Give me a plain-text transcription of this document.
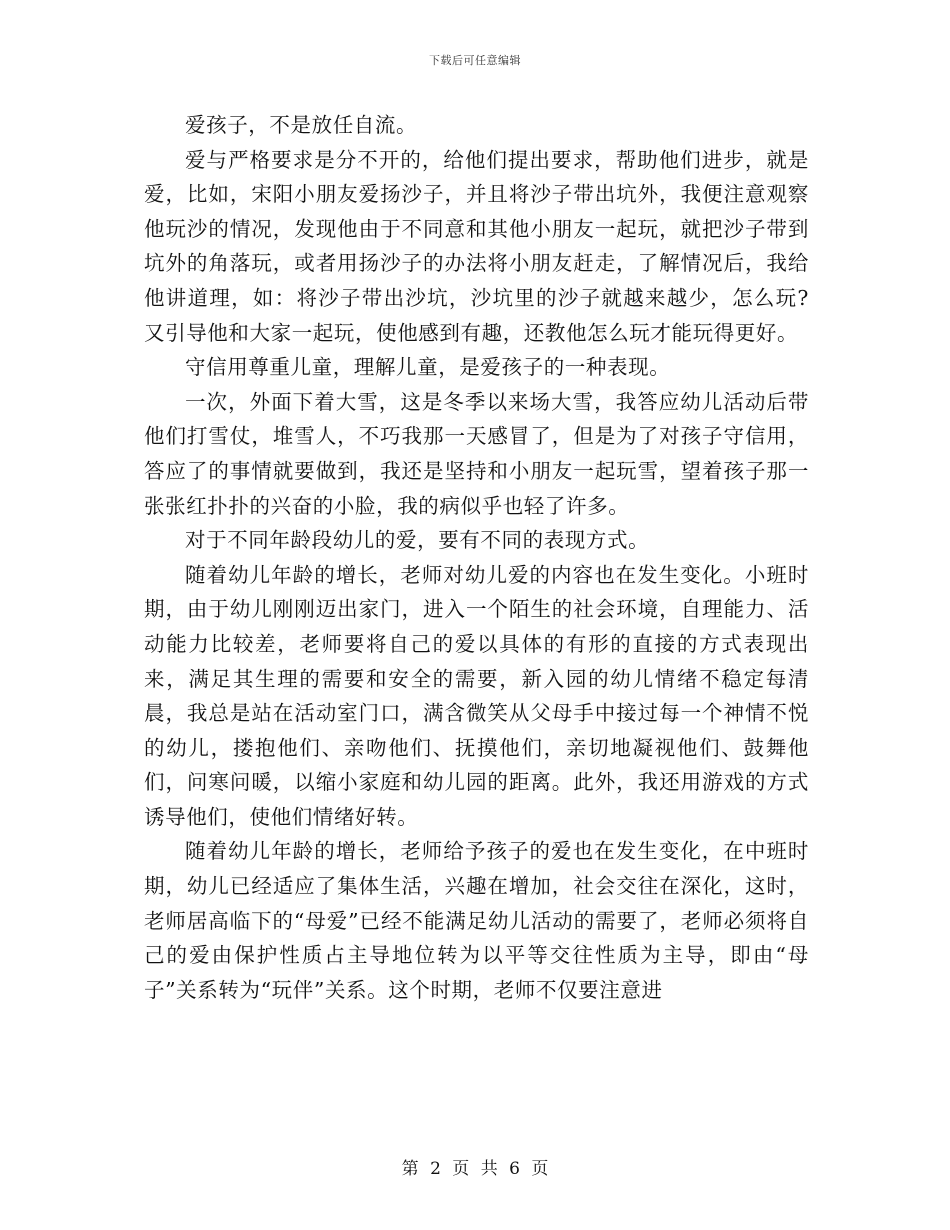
下载后可任意编辑

爱孩子，不是放任自流。

爱与严格要求是分不开的，给他们提出要求，帮助他们进步，就是爱，比如，宋阳小朋友爱扬沙子，并且将沙子带出坑外，我便注意观察他玩沙的情况，发现他由于不同意和其他小朋友一起玩，就把沙子带到坑外的角落玩，或者用扬沙子的办法将小朋友赶走，了解情况后，我给他讲道理，如：将沙子带出沙坑，沙坑里的沙子就越来越少，怎么玩?又引导他和大家一起玩，使他感到有趣，还教他怎么玩才能玩得更好。

守信用尊重儿童，理解儿童，是爱孩子的一种表现。

一次，外面下着大雪，这是冬季以来场大雪，我答应幼儿活动后带他们打雪仗，堆雪人，不巧我那一天感冒了，但是为了对孩子守信用，答应了的事情就要做到，我还是坚持和小朋友一起玩雪，望着孩子那一张张红扑扑的兴奋的小脸，我的病似乎也轻了许多。

对于不同年龄段幼儿的爱，要有不同的表现方式。

随着幼儿年龄的增长，老师对幼儿爱的内容也在发生变化。小班时期，由于幼儿刚刚迈出家门，进入一个陌生的社会环境，自理能力、活动能力比较差，老师要将自己的爱以具体的有形的直接的方式表现出来，满足其生理的需要和安全的需要，新入园的幼儿情绪不稳定每清晨，我总是站在活动室门口，满含微笑从父母手中接过每一个神情不悦的幼儿，搂抱他们、亲吻他们、抚摸他们，亲切地凝视他们、鼓舞他们，问寒问暖，以缩小家庭和幼儿园的距离。此外，我还用游戏的方式诱导他们，使他们情绪好转。

随着幼儿年龄的增长，老师给予孩子的爱也在发生变化，在中班时期，幼儿已经适应了集体生活，兴趣在增加，社会交往在深化，这时，老师居高临下的“母爱”已经不能满足幼儿活动的需要了，老师必须将自己的爱由保护性质占主导地位转为以平等交往性质为主导，即由“母子”关系转为“玩伴”关系。这个时期，老师不仅要注意进

第 2 页 共 6 页
